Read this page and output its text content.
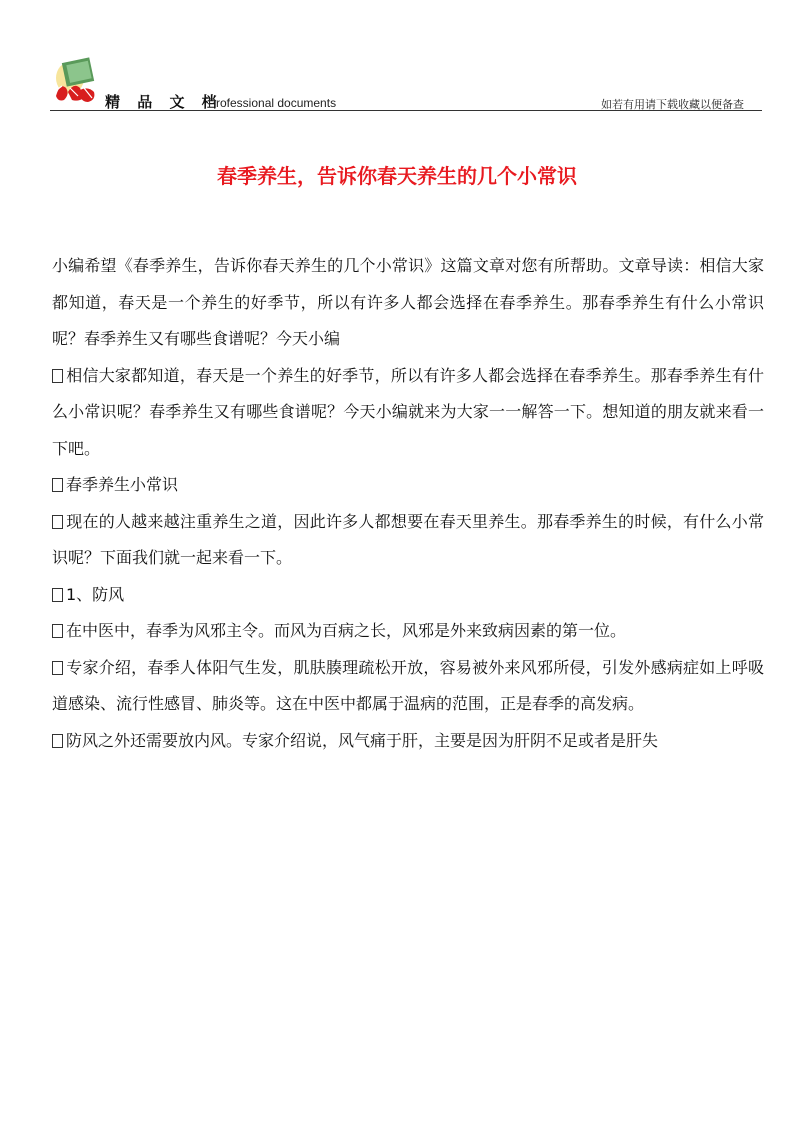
精 品 文 档
Professional documents	如若有用请下载收藏以便备查
春季养生，告诉你春天养生的几个小常识

小编希望《春季养生，告诉你春天养生的几个小常识》这篇文章对您有所帮助。文章导读：相信大家都知道，春天是一个养生的好季节，所以有许多人都会选择在春季养生。那春季养生有什么小常识呢？春季养生又有哪些食谱呢？今天小编

相信大家都知道，春天是一个养生的好季节，所以有许多人都会选择在春季养生。那春季养生有什么小常识呢？春季养生又有哪些食谱呢？今天小编就来为大家一一解答一下。想知道的朋友就来看一下吧。

春季养生小常识

现在的人越来越注重养生之道，因此许多人都想要在春天里养生。那春季养生的时候，有什么小常识呢？下面我们就一起来看一下。

1、防风

在中医中，春季为风邪主令。而风为百病之长，风邪是外来致病因素的第一位。

专家介绍，春季人体阳气生发，肌肤腠理疏松开放，容易被外来风邪所侵，引发外感病症如上呼吸道感染、流行性感冒、肺炎等。这在中医中都属于温病的范围，正是春季的高发病。

防风之外还需要放内风。专家介绍说，风气痛于肝，主要是因为肝阴不足或者是肝失
